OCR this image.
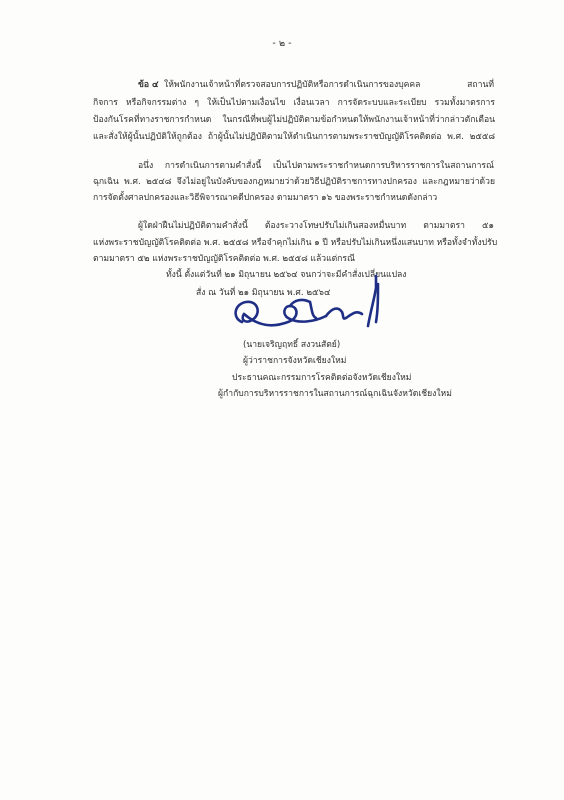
- ๒ -
ข้อ ๔ ให้พนักงานเจ้าหน้าที่ตรวจสอบการปฏิบัติหรือการดำเนินการของบุคคล สถานที่
กิจการ หรือกิจกรรมต่าง ๆ ให้เป็นไปตามเงื่อนไข เงื่อนเวลา การจัดระบบและระเบียบ รวมทั้งมาตรการ
ป้องกันโรคที่ทางราชการกำหนด ในกรณีที่พบผู้ไม่ปฏิบัติตามข้อกำหนดให้พนักงานเจ้าหน้าที่ว่ากล่าวตักเตือน
และสั่งให้ผู้นั้นปฏิบัติให้ถูกต้อง ถ้าผู้นั้นไม่ปฏิบัติตามให้ดำเนินการตามพระราชบัญญัติโรคติดต่อ พ.ศ. ๒๕๕๘
อนึ่ง การดำเนินการตามคำสั่งนี้ เป็นไปตามพระราชกำหนดการบริหารราชการในสถานการณ์
ฉุกเฉิน พ.ศ. ๒๕๔๘ จึงไม่อยู่ในบังคับของกฎหมายว่าด้วยวิธีปฏิบัติราชการทางปกครอง และกฎหมายว่าด้วย
การจัดตั้งศาลปกครองและวิธีพิจารณาคดีปกครอง ตามมาตรา ๑๖ ของพระราชกำหนดดังกล่าว
ผู้ใดฝ่าฝืนไม่ปฏิบัติตามคำสั่งนี้ ต้องระวางโทษปรับไม่เกินสองหมื่นบาท ตามมาตรา ๕๑
แห่งพระราชบัญญัติโรคติดต่อ พ.ศ. ๒๕๕๘ หรือจำคุกไม่เกิน ๑ ปี หรือปรับไม่เกินหนึ่งแสนบาท หรือทั้งจำทั้งปรับ
ตามมาตรา ๕๒ แห่งพระราชบัญญัติโรคติดต่อ พ.ศ. ๒๕๕๘ แล้วแต่กรณี
ทั้งนี้ ตั้งแต่วันที่ ๒๑ มิถุนายน ๒๕๖๔ จนกว่าจะมีคำสั่งเปลี่ยนแปลง
สั่ง ณ วันที่ ๒๑ มิถุนายน พ.ศ. ๒๕๖๔
(นายเจริญฤทธิ์ สงวนสัตย์)
ผู้ว่าราชการจังหวัดเชียงใหม่
ประธานคณะกรรมการโรคติดต่อจังหวัดเชียงใหม่
ผู้กำกับการบริหารราชการในสถานการณ์ฉุกเฉินจังหวัดเชียงใหม่
